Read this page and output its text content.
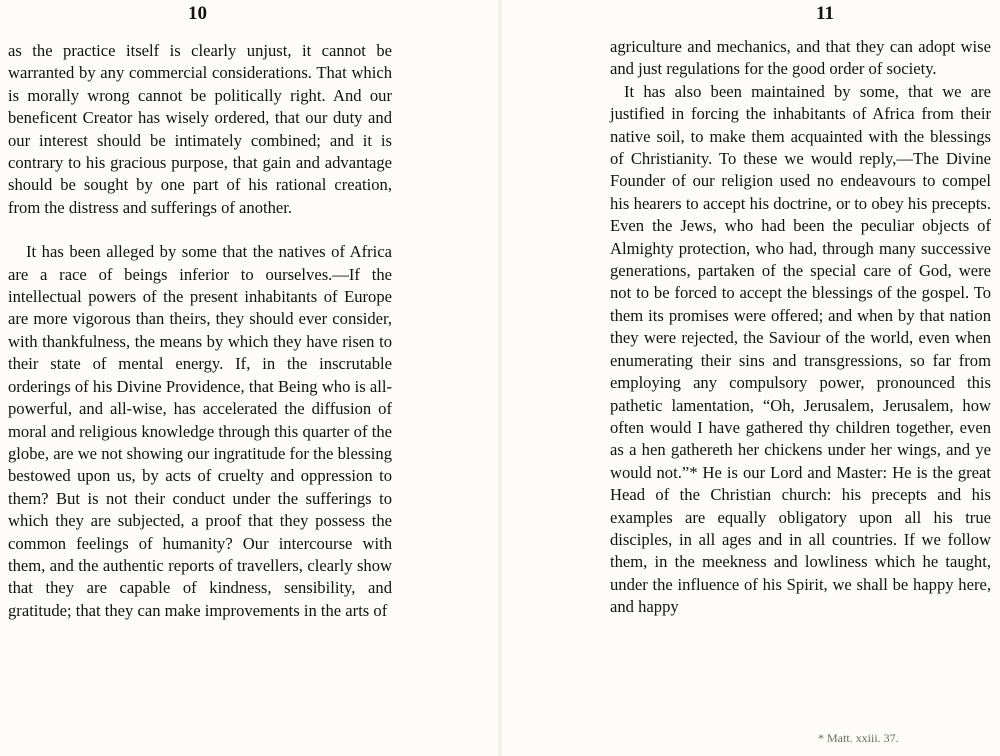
10

as the practice itself is clearly unjust, it cannot be warranted by any commercial considerations. That which is morally wrong cannot be politically right. And our beneficent Creator has wisely ordered, that our duty and our interest should be intimately combined; and it is contrary to his gracious purpose, that gain and advantage should be sought by one part of his rational creation, from the distress and sufferings of another.

It has been alleged by some that the natives of Africa are a race of beings inferior to ourselves.—If the intellectual powers of the present inhabitants of Europe are more vigorous than theirs, they should ever consider, with thankfulness, the means by which they have risen to their state of mental energy. If, in the inscrutable orderings of his Divine Providence, that Being who is all-powerful, and all-wise, has accelerated the diffusion of moral and religious knowledge through this quarter of the globe, are we not showing our ingratitude for the blessing bestowed upon us, by acts of cruelty and oppression to them? But is not their conduct under the sufferings to which they are subjected, a proof that they possess the common feelings of humanity? Our intercourse with them, and the authentic reports of travellers, clearly show that they are capable of kindness, sensibility, and gratitude; that they can make improvements in the arts of

11

agriculture and mechanics, and that they can adopt wise and just regulations for the good order of society.

It has also been maintained by some, that we are justified in forcing the inhabitants of Africa from their native soil, to make them acquainted with the blessings of Christianity. To these we would reply,—The Divine Founder of our religion used no endeavours to compel his hearers to accept his doctrine, or to obey his precepts. Even the Jews, who had been the peculiar objects of Almighty protection, who had, through many successive generations, partaken of the special care of God, were not to be forced to accept the blessings of the gospel. To them its promises were offered; and when by that nation they were rejected, the Saviour of the world, even when enumerating their sins and transgressions, so far from employing any compulsory power, pronounced this pathetic lamentation, “Oh, Jerusalem, Jerusalem, how often would I have gathered thy children together, even as a hen gathereth her chickens under her wings, and ye would not.”* He is our Lord and Master: He is the great Head of the Christian church: his precepts and his examples are equally obligatory upon all his true disciples, in all ages and in all countries. If we follow them, in the meekness and lowliness which he taught, under the influence of his Spirit, we shall be happy here, and happy

* Matt. xxiii. 37.
